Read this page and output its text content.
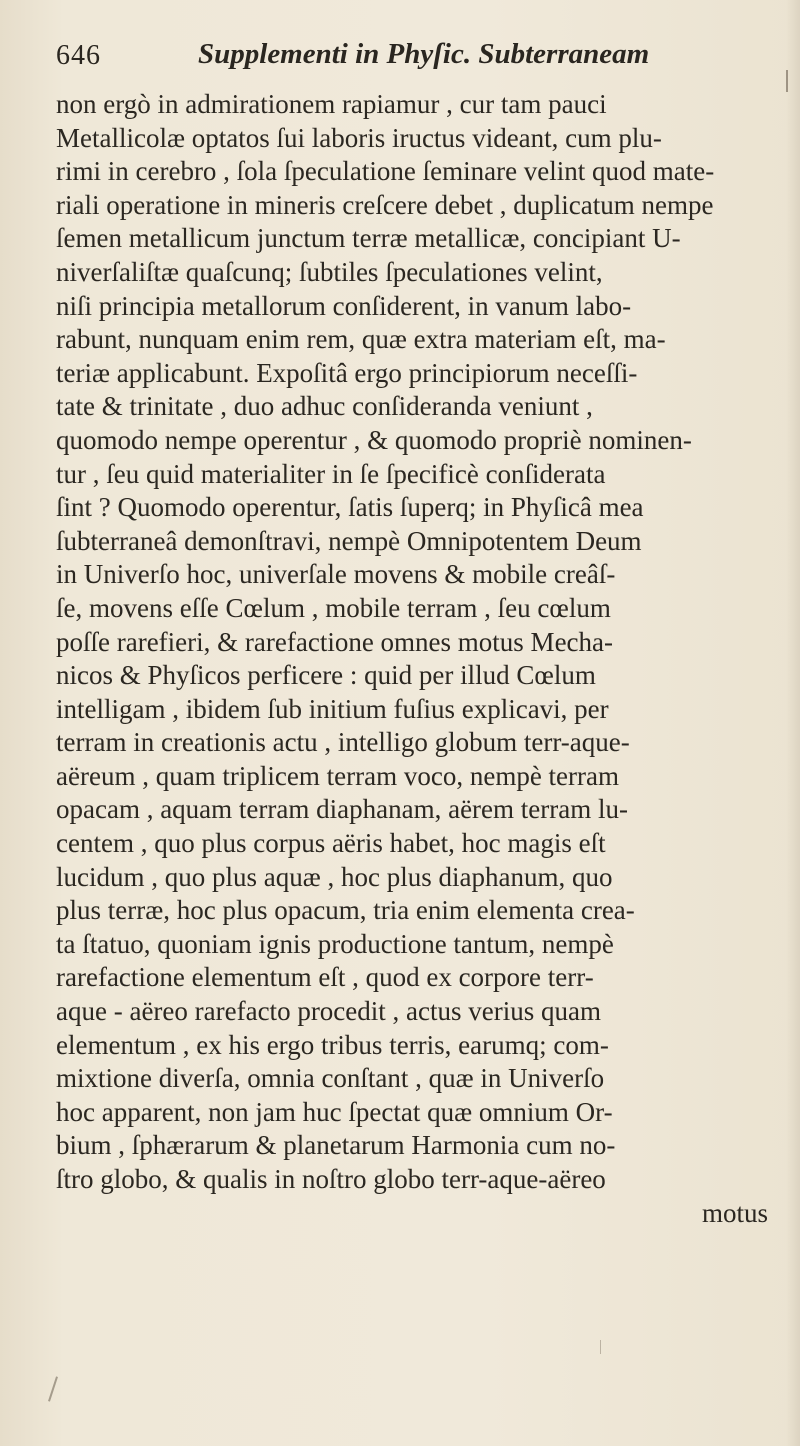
646	Supplementi in Phyſic. Subterraneam
non ergò in admirationem rapiamur , cur tam pauci
Metallicolæ optatos ſui laboris iructus videant, cum plu-
rimi in cerebro , ſola ſpeculatione ſeminare velint quod mate-
riali operatione in mineris creſcere debet , duplicatum nempe
ſemen metallicum junctum terræ metallicæ, concipiant U-
niverſaliſtæ quaſcunq; ſubtiles ſpeculationes velint,
niſi principia metallorum conſiderent, in vanum labo-
rabunt, nunquam enim rem, quæ extra materiam eſt, ma-
teriæ applicabunt. Expoſitâ ergo principiorum neceſſi-
tate & trinitate , duo adhuc conſideranda veniunt ,
quomodo nempe operentur , & quomodo propriè nominen-
tur , ſeu quid materialiter in ſe ſpecificè conſiderata
ſint ? Quomodo operentur, ſatis ſuperq; in Phyſicâ mea
ſubterraneâ demonſtravi, nempè Omnipotentem Deum
in Univerſo hoc, univerſale movens & mobile creâſ-
ſe, movens eſſe Cœlum , mobile terram , ſeu cœlum
poſſe rarefieri, & rarefactione omnes motus Mecha-
nicos & Phyſicos perficere : quid per illud Cœlum
intelligam , ibidem ſub initium fuſius explicavi, per
terram in creationis actu , intelligo globum terr-aque-
aëreum , quam triplicem terram voco, nempè terram
opacam , aquam terram diaphanam, aërem terram lu-
centem , quo plus corpus aëris habet, hoc magis eſt
lucidum , quo plus aquæ , hoc plus diaphanum, quo
plus terræ, hoc plus opacum, tria enim elementa crea-
ta ſtatuo, quoniam ignis productione tantum, nempè
rarefactione elementum eſt , quod ex corpore terr-
aque - aëreo rarefacto procedit , actus verius quam
elementum , ex his ergo tribus terris, earumq; com-
mixtione diverſa, omnia conſtant , quæ in Univerſo
hoc apparent, non jam huc ſpectat quæ omnium Or-
bium , ſphærarum & planetarum Harmonia cum no-
ſtro globo, & qualis in noſtro globo terr-aque-aëreo
motus
